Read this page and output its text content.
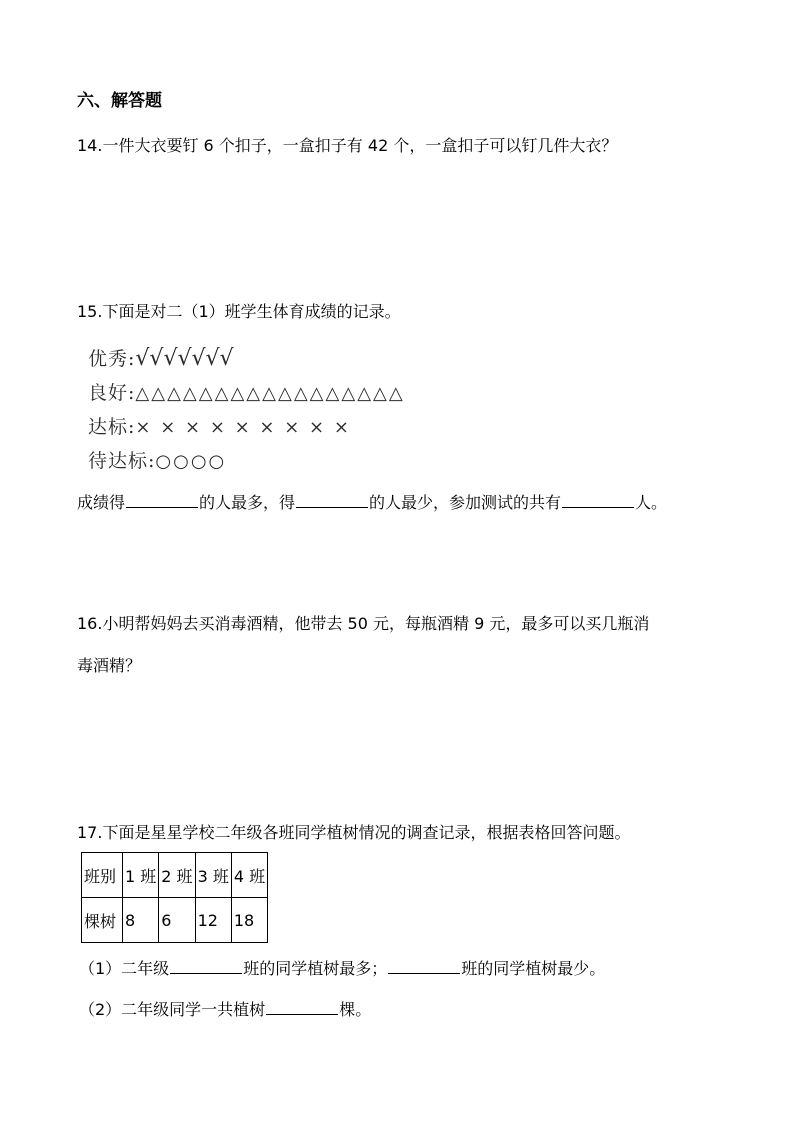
六、解答题
14.一件大衣要钉 6 个扣子，一盒扣子有 42 个，一盒扣子可以钉几件大衣？
15.下面是对二（1）班学生体育成绩的记录。
优秀:√√√√√√√
良好:△△△△△△△△△△△△△△△△△
达标:× × × × × × × × ×
待达标:○○○○
成绩得	的人最多，得	的人最少，参加测试的共有	人。
16.小明帮妈妈去买消毒酒精，他带去 50 元，每瓶酒精 9 元，最多可以买几瓶消
毒酒精？
17.下面是星星学校二年级各班同学植树情况的调查记录，根据表格回答问题。
班别	1 班	2 班	3 班	4 班
棵树	8	6	12	18
（1）二年级	班的同学植树最多；	班的同学植树最少。
（2）二年级同学一共植树	棵。
